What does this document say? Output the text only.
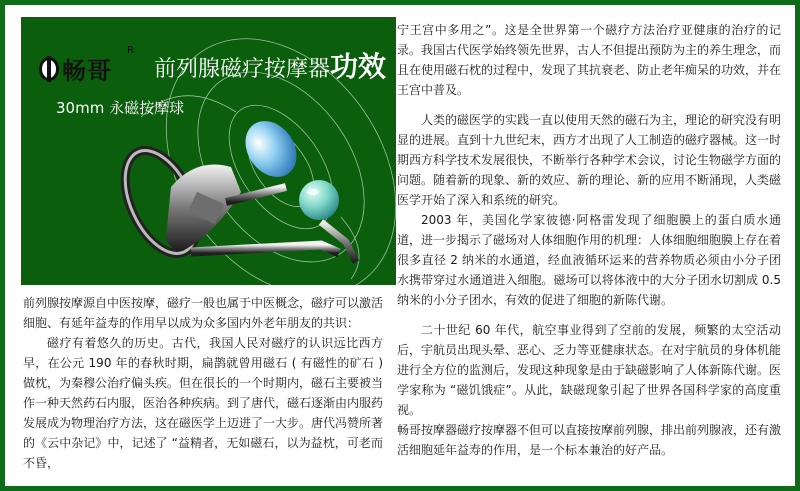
畅哥
R
前列腺磁疗按摩器功效
30mm 永磁按摩球

前列腺按摩源自中医按摩，磁疗一般也属于中医概念，磁疗可以激活细胞、有延年益寿的作用早以成为众多国内外老年朋友的共识：

磁疗有着悠久的历史。古代，我国人民对磁疗的认识远比西方早，在公元 190 年的春秋时期，扁鹊就曾用磁石 ( 有磁性的矿石 ) 做枕，为秦穆公治疗偏头疾。但在很长的一个时期内，磁石主要被当作一种天然药石内服，医治各种疾病。到了唐代，磁石逐渐由内服药发展成为物理治疗方法，这在磁医学上迈进了一大步。唐代冯赞所著的《云中杂记》中，记述了 “益精者，无如磁石，以为益枕，可老而不昏，

宁王宫中多用之”。这是全世界第一个磁疗方法治疗亚健康的治疗的记录。我国古代医学始终领先世界，古人不但提出预防为主的养生理念，而且在使用磁石枕的过程中，发现了其抗衰老、防止老年痴呆的功效，并在王宫中普及。

人类的磁医学的实践一直以使用天然的磁石为主，理论的研究没有明显的进展。直到十九世纪末，西方才出现了人工制造的磁疗器械。这一时期西方科学技术发展很快，不断举行各种学术会议，讨论生物磁学方面的问题。随着新的现象、新的效应、新的理论、新的应用不断涌现，人类磁医学开始了深入和系统的研究。

2003 年，美国化学家彼德·阿格雷发现了细胞膜上的蛋白质水通道，进一步揭示了磁场对人体细胞作用的机理：人体细胞细胞膜上存在着很多直径 2 纳米的水通道，经血液循环运来的营养物质必须由小分子团水携带穿过水通道进入细胞。磁场可以将体液中的大分子团水切割成 0.5 纳米的小分子团水，有效的促进了细胞的新陈代谢。

二十世纪 60 年代，航空事业得到了空前的发展，频繁的太空活动后，宇航员出现头晕、恶心、乏力等亚健康状态。在对宇航员的身体机能进行全方位的监测后，发现这种现象是由于缺磁影响了人体新陈代谢。医学家称为 “磁饥饿症”。从此，缺磁现象引起了世界各国科学家的高度重视。

畅哥按摩器磁疗按摩器不但可以直接按摩前列腺，排出前列腺液，还有激活细胞延年益寿的作用，是一个标本兼治的好产品。
